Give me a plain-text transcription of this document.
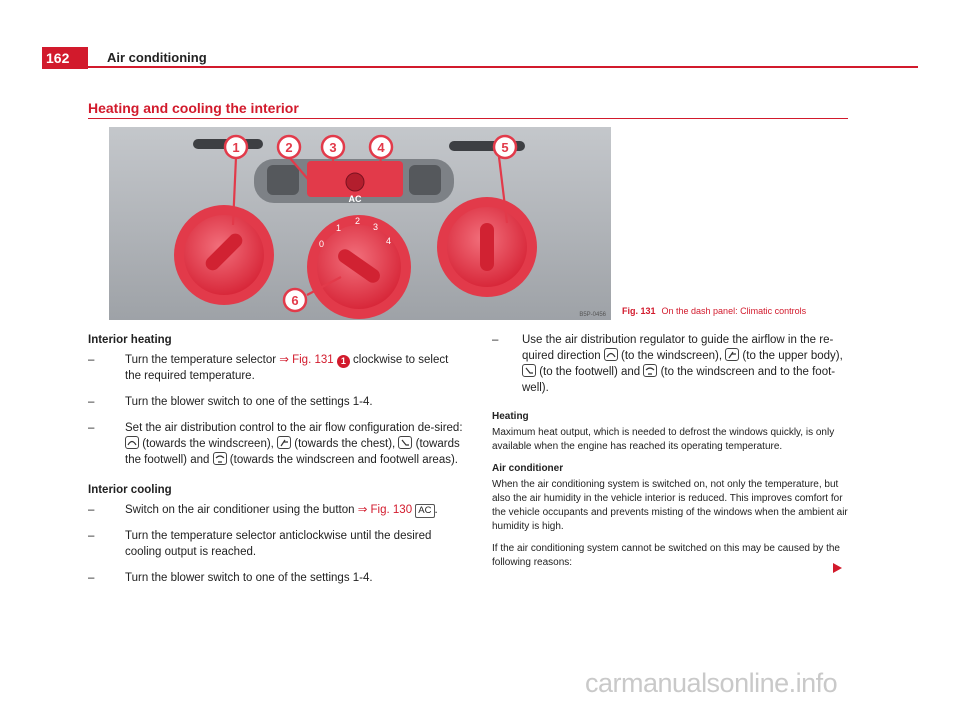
162	Air conditioning
Heating and cooling the interior
AC
0
1
2
3
4
1	2	3	4	5
6
B5P-0456 Fig. 131 On the dash panel: Climatic controls
Interior heating
–	Turn the temperature selector ⇒ Fig. 131 1 clockwise to select the required temperature.
–	Turn the blower switch to one of the settings 1-4.
–	Set the air distribution control to the air flow configuration de-sired:
(towards the windscreen),
(towards the chest),
(towards the footwell) and
(towards the windscreen and footwell areas).
Interior cooling
–	Switch on the air conditioner using the button ⇒ Fig. 130 AC .
–	Turn the temperature selector anticlockwise until the desired cooling output is reached.
–	Turn the blower switch to one of the settings 1-4.
– Use the air distribution regulator to guide the airflow in the re-quired direction
(to the windscreen),
(to the upper body),
(to the footwell) and
(to the windscreen and to the foot-well).
Heating

Maximum heat output, which is needed to defrost the windows quickly, is only available when the engine has reached its operating temperature.

Air conditioner

When the air conditioning system is switched on, not only the temperature, but also the air humidity in the vehicle interior is reduced. This improves comfort for the vehicle occupants and prevents misting of the windows when the ambient air humidity is high.

If the air conditioning system cannot be switched on this may be caused by the following reasons:

carmanualsonline.info
